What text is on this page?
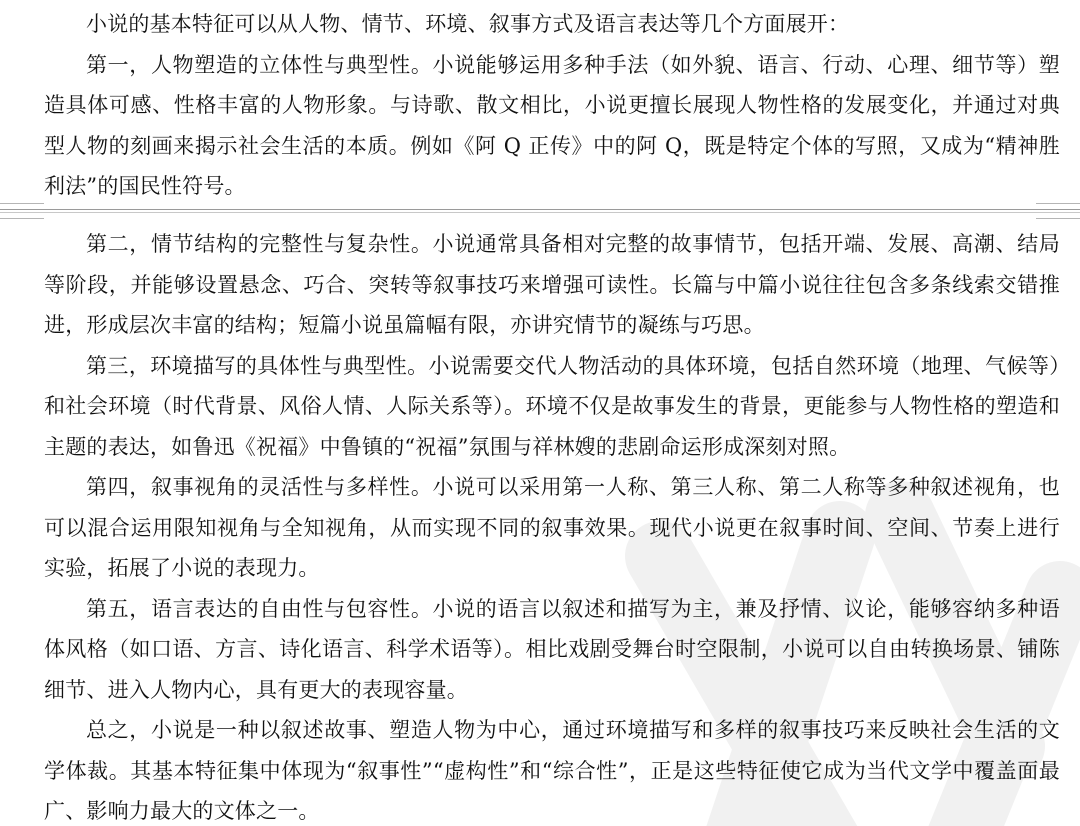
小说的基本特征可以从人物、情节、环境、叙事方式及语言表达等几个方面展开：

第一，人物塑造的立体性与典型性。小说能够运用多种手法（如外貌、语言、行动、心理、细节等）塑造具体可感、性格丰富的人物形象。与诗歌、散文相比，小说更擅长展现人物性格的发展变化，并通过对典型人物的刻画来揭示社会生活的本质。例如《阿 Q 正传》中的阿 Q，既是特定个体的写照，又成为“精神胜利法”的国民性符号。

第二，情节结构的完整性与复杂性。小说通常具备相对完整的故事情节，包括开端、发展、高潮、结局等阶段，并能够设置悬念、巧合、突转等叙事技巧来增强可读性。长篇与中篇小说往往包含多条线索交错推进，形成层次丰富的结构；短篇小说虽篇幅有限，亦讲究情节的凝练与巧思。

第三，环境描写的具体性与典型性。小说需要交代人物活动的具体环境，包括自然环境（地理、气候等）和社会环境（时代背景、风俗人情、人际关系等）。环境不仅是故事发生的背景，更能参与人物性格的塑造和主题的表达，如鲁迅《祝福》中鲁镇的“祝福”氛围与祥林嫂的悲剧命运形成深刻对照。

第四，叙事视角的灵活性与多样性。小说可以采用第一人称、第三人称、第二人称等多种叙述视角，也可以混合运用限知视角与全知视角，从而实现不同的叙事效果。现代小说更在叙事时间、空间、节奏上进行实验，拓展了小说的表现力。

第五，语言表达的自由性与包容性。小说的语言以叙述和描写为主，兼及抒情、议论，能够容纳多种语体风格（如口语、方言、诗化语言、科学术语等）。相比戏剧受舞台时空限制，小说可以自由转换场景、铺陈细节、进入人物内心，具有更大的表现容量。

总之，小说是一种以叙述故事、塑造人物为中心，通过环境描写和多样的叙事技巧来反映社会生活的文学体裁。其基本特征集中体现为“叙事性”“虚构性”和“综合性”，正是这些特征使它成为当代文学中覆盖面最广、影响力最大的文体之一。
